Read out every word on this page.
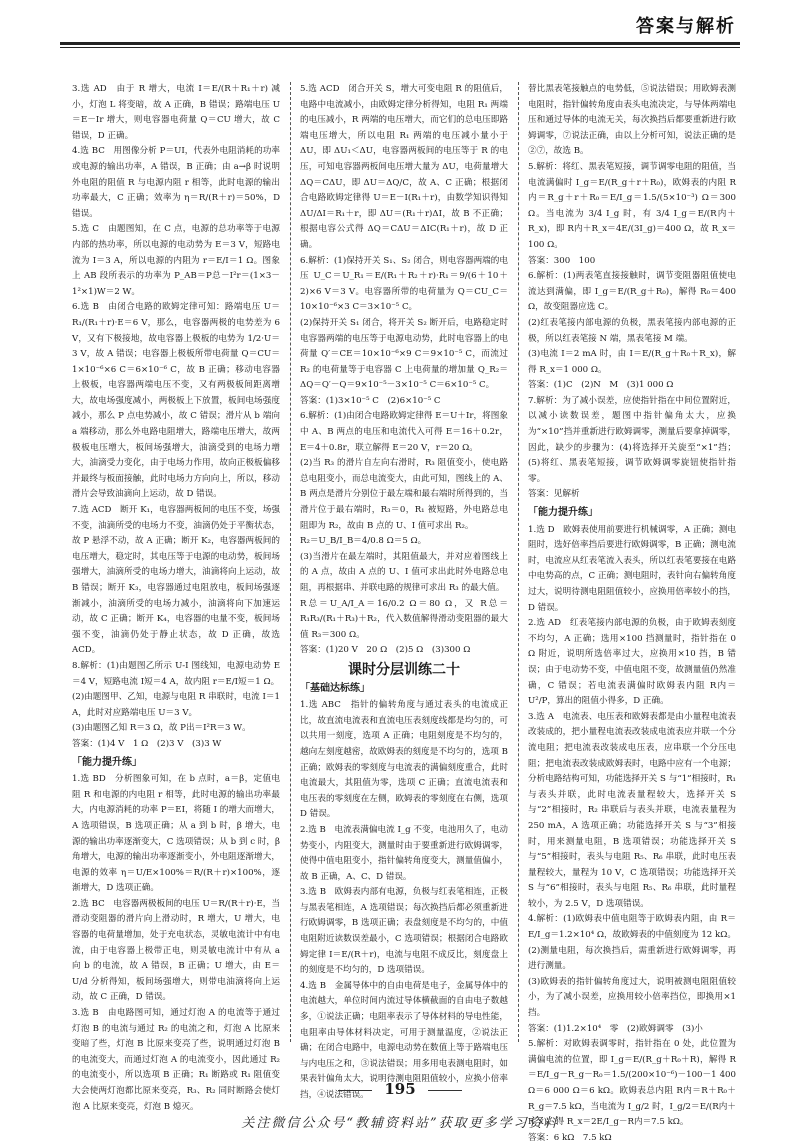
答案与解析
3.选 AD　由于 R 增大，电流 I＝E/(R＋R₁＋r) 减小，灯泡 L 将变暗，故 A 正确，B 错误；路端电压 U＝E－Ir 增大，则电容器电荷量 Q＝CU 增大，故 C 错误，D 正确。
4.选 BC　用图像分析 P＝UI，代表外电阻消耗的功率或电源的输出功率，A 错误，B 正确；由 a→β 时说明外电阻的阻值 R 与电源内阻 r 相等，此时电源的输出功率最大，C 正确；效率为 η＝R/(R＋r)＝50%，D 错误。
5.选 C　由题图知，在 C 点，电源的总功率等于电源内部的热功率，所以电源的电动势为 E＝3 V，短路电流为 I＝3 A，所以电源的内阻为 r＝E/I＝1 Ω。图象上 AB 段所表示的功率为 P_AB＝P总－I²r＝(1×3－1²×1)W＝2 W。
6.选 B　由闭合电路的欧姆定律可知：路端电压 U＝R₁/(R₁＋r)·E＝6 V，那么，电容器两极的电势差为 6 V，又有下极接地，故电容器上极板的电势为 1/2·U＝3 V，故 A 错误；电容器上极板所带电荷量 Q＝CU＝1×10⁻⁶×6 C＝6×10⁻⁶ C，故 B 正确；移动电容器上极板，电容器两端电压不变，又有两极板间距离增大，故电场强度减小，两极板上下放置，板间电场强度减小，那么 P 点电势减小，故 C 错误；滑片从 b 端向 a 端移动，那么外电路电阻增大，路端电压增大，故两极板电压增大，板间场强增大，油滴受到的电场力增大，油滴受力变化，由于电场力作用，故向正极板偏移并最终与板面接触，此时电场力方向向上，所以，移动滑片会导致油滴向上运动，故 D 错误。
7.选 ACD　断开 K₁，电容器两板间的电压不变，场强不变，油滴所受的电场力不变，油滴仍处于平衡状态，故 P 悬浮不动，故 A 正确；断开 K₂，电容器两板间的电压增大，稳定时，其电压等于电源的电动势，板间场强增大，油滴所受的电场力增大，油滴将向上运动，故 B 错误；断开 K₃，电容器通过电阻放电，板间场强逐渐减小，油滴所受的电场力减小，油滴将向下加速运动，故 C 正确；断开 K₄，电容器的电量不变，板间场强不变，油滴仍处于静止状态，故 D 正确，故选 ACD。
8.解析：(1)由题图乙所示 U-I 图线知，电源电动势 E＝4 V，短路电流 I短＝4 A，故内阻 r＝E/I短＝1 Ω。
(2)由题图甲、乙知，电源与电阻 R 串联时，电流 I＝1 A，此时对应路端电压 U＝3 V。
(3)由题图乙知 R＝3 Ω，故 P出＝I²R＝3 W。
答案：(1)4 V　1 Ω　(2)3 V　(3)3 W
「能力提升练」
1.选 BD　分析图象可知，在 b 点时，a＝β，定值电阻 R 和电源的内电阻 r 相等，此时电源的输出功率最大，内电源消耗的功率 P＝EI，将随 I 的增大而增大，A 选项错误，B 选项正确；从 a 到 b 时，β 增大，电源的输出功率逐渐变大，C 选项错误；从 b 到 c 时，β 角增大，电源的输出功率逐渐变小，外电阻逐渐增大，电源的效率 η＝U/E×100%＝R/(R＋r)×100%，逐渐增大，D 选项正确。
2.选 BC　电容器两极板间的电压 U＝R/(R＋r)·E，当滑动变阻器的滑片向上滑动时，R 增大，U 增大，电容器的电荷量增加，处于充电状态，灵敏电流计中有电流，由于电容器上极带正电，则灵敏电流计中有从 a 向 b 的电流，故 A 错误，B 正确；U 增大，由 E＝U/d 分析得知，板间场强增大，则带电油滴将向上运动，故 C 正确，D 错误。
3.选 B　由电路图可知，通过灯泡 A 的电流等于通过灯泡 B 的电流与通过 R₂ 的电流之和，灯泡 A 比原来变暗了些，灯泡 B 比原来变亮了些，说明通过灯泡 B 的电流变大，而通过灯泡 A 的电流变小，因此通过 R₂ 的电流变小，所以选项 B 正确；R₁ 断路或 R₁ 阻值变大会使两灯泡都比原来变亮，R₃、R₂ 同时断路会使灯泡 A 比原来变亮，灯泡 B 熄灭。
5.选 ACD　闭合开关 S，增大可变电阻 R 的阻值后，电路中电流减小，由欧姆定律分析得知，电阻 R₁ 两端的电压减小，R 两端的电压增大，而它们的总电压即路端电压增大，所以电阻 R₁ 两端的电压减小量小于 ΔU，即 ΔU₁＜ΔU，电容器两板间的电压等于 R 的电压，可知电容器两板间电压增大量为 ΔU，电荷量增大 ΔQ＝CΔU，即 ΔU＝ΔQ/C，故 A、C 正确；根据闭合电路欧姆定律得 U＝E－I(R₁＋r)，由数学知识得知 ΔU/ΔI＝R₁＋r，即 ΔU＝(R₁＋r)ΔI，故 B 不正确；根据电容公式得 ΔQ＝CΔU＝ΔIC(R₁＋r)，故 D 正确。
6.解析：(1)保持开关 S₁、S₂ 闭合，则电容器两端的电压 U_C＝U_R₁＝E/(R₁＋R₂＋r)·R₁＝9/(6＋10＋2)×6 V＝3 V。电容器所带的电荷量为 Q＝CU_C＝10×10⁻⁶×3 C＝3×10⁻⁵ C。
(2)保持开关 S₁ 闭合，将开关 S₂ 断开后，电路稳定时电容器两端的电压等于电源电动势，此时电容器上的电荷量 Q′＝CE＝10×10⁻⁶×9 C＝9×10⁻⁵ C，而流过 R₂ 的电荷量等于电容器 C 上电荷量的增加量 Q_R₂＝ΔQ＝Q′－Q＝9×10⁻⁵－3×10⁻⁵ C＝6×10⁻⁵ C。
答案：(1)3×10⁻⁵ C　(2)6×10⁻⁵ C
6.解析：(1)由闭合电路欧姆定律得 E＝U＋Ir，将图象中 A、B 两点的电压和电流代入可得 E＝16＋0.2r，E＝4＋0.8r，联立解得 E＝20 V，r＝20 Ω。
(2)当 R₃ 的滑片自左向右滑时，R₃ 阻值变小，使电路总电阻变小，而总电流变大，由此可知，图线上的 A、B 两点是滑片分别位于最左端和最右端时所得到的，当滑片位于最右端时，R₃＝0，R₁ 被短路，外电路总电阻即为 R₂，故由 B 点的 U、I 值可求出 R₂。
R₂＝U_B/I_B＝4/0.8 Ω＝5 Ω。
(3)当滑片在最左端时，其阻值最大，并对应着图线上的 A 点，故由 A 点的 U、I 值可求出此时外电路总电阻，再根据串、并联电路的规律可求出 R₃ 的最大值。
R总＝U_A/I_A＝16/0.2 Ω＝80 Ω，又 R总＝R₁R₃/(R₁＋R₃)＋R₂，代入数值解得滑动变阻器的最大值 R₃＝300 Ω。
答案：(1)20 V　20 Ω　(2)5 Ω　(3)300 Ω
课时分层训练二十
「基础达标练」
1.选 ABC　指针的偏转角度与通过表头的电流成正比，故直流电流表和直流电压表刻度线都是均匀的，可以共用一刻度，选项 A 正确；电阻刻度是不均匀的，越向左刻度越密，故欧姆表的刻度是不均匀的，选项 B 正确；欧姆表的零刻度与电流表的满偏刻度重合，此时电流最大，其阻值为零，选项 C 正确；直流电流表和电压表的零刻度在左侧，欧姆表的零刻度在右侧，选项 D 错误。
2.选 B　电流表满偏电流 I_g 不变，电池用久了，电动势变小，内阻变大，测量时由于要重新进行欧姆调零，使得中值电阻变小，指针偏转角度变大，测量值偏小，故 B 正确，A、C、D 错误。
3.选 B　欧姆表内部有电源，负极与红表笔相连，正极与黑表笔相连，A 选项错误；每次换挡后都必须重新进行欧姆调零，B 选项正确；表盘刻度是不均匀的，中值电阻附近读数误差最小，C 选项错误；根据闭合电路欧姆定律 I＝E/(R＋r)，电流与电阻不成反比，刻度盘上的刻度是不均匀的，D 选项错误。
4.选 B　金属导体中的自由电荷是电子，金属导体中的电流越大，单位时间内流过导体横截面的自由电子数越多，①说法正确；电阻率表示了导体材料的导电性能，电阻率由导体材料决定，可用于测量温度，②说法正确；在闭合电路中，电源电动势在数值上等于路端电压与内电压之和，③说法错误；用多用电表测电阻时，如果表针偏角太大，说明待测电阻阻值较小，应换小倍率挡，④说法错误。
替比黑表笔接触点的电势低，⑤说法错误；用欧姆表测电阻时，指针偏转角度由表头电流决定，与导体两端电压和通过导体的电流无关，每次换挡后都要重新进行欧姆调零，⑦说法正确，由以上分析可知，说法正确的是②⑦，故选 B。
5.解析：将红、黑表笔短接，调节调零电阻的阻值，当电流满偏时 I_g＝E/(R_g＋r＋R₀)，欧姆表的内阻 R内＝R_g＋r＋R₀＝E/I_g＝1.5/(5×10⁻³) Ω＝300 Ω。当电流为 3/4 I_g 时，有 3/4 I_g＝E/(R内＋R_x)，即 R内＋R_x＝4E/(3I_g)＝400 Ω，故 R_x＝100 Ω。
答案：300　100
6.解析：(1)两表笔直接接触时，调节变阻器阻值使电流达到满偏，即 I_g＝E/(R_g＋R₀)，解得 R₀＝400 Ω，故变阻器应选 C。
(2)红表笔接内部电源的负极，黑表笔接内部电源的正极，所以红表笔接 N 端，黑表笔接 M 端。
(3)电流 I＝2 mA 时，由 I＝E/(R_g＋R₀＋R_x)，解得 R_x＝1 000 Ω。
答案：(1)C　(2)N　M　(3)1 000 Ω
7.解析：为了减小误差，应使指针指在中间位置附近，以减小读数误差，题图中指针偏角太大，应换为“×10”挡并重新进行欧姆调零，测量后要拿掉调零，因此，缺少的步骤为：(4)将选择开关旋至“×1”挡；(5)将红、黑表笔短接，调节欧姆调零旋钮使指针指零。
答案：见解析
「能力提升练」
1.选 D　欧姆表使用前要进行机械调零，A 正确；测电阻时，选好倍率挡后要进行欧姆调零，B 正确；测电流时，电流应从红表笔流入表头，所以红表笔要接在电路中电势高的点，C 正确；测电阻时，表针向右偏转角度过大，说明待测电阻阻值较小，应换用倍率较小的挡，D 错误。
2.选 AD　红表笔接内部电源的负极，由于欧姆表刻度不均匀，A 正确；选用×100 挡测量时，指针指在 0 Ω 附近，说明所选倍率过大，应换用×10 挡，B 错误；由于电动势不变，中值电阻不变，故测量值仍然准确，C 错误；若电流表满偏时欧姆表内阻 R内＝U²/P，算出的阻值小得多，D 正确。
3.选 A　电流表、电压表和欧姆表都是由小量程电流表改装成的，把小量程电流表改装成电流表应并联一个分流电阻；把电流表改装成电压表，应串联一个分压电阻；把电流表改装成欧姆表时，电路中应有一个电源；分析电路结构可知，功能选择开关 S 与“1”相接时，R₁ 与表头并联，此时电流表量程较大，选择开关 S 与“2”相接时，R₂ 串联后与表头并联，电流表量程为 250 mA，A 选项正确；功能选择开关 S 与“3”相接时，用来测量电阻，B 选项错误；功能选择开关 S 与“5”相接时，表头与电阻 R₅、R₆ 串联，此时电压表量程较大，量程为 10 V，C 选项错误；功能选择开关 S 与“6”相接时，表头与电阻 R₅、R₆ 串联，此时量程较小，为 2.5 V，D 选项错误。
4.解析：(1)欧姆表中值电阻等于欧姆表内阻，由 R＝E/I_g＝1.2×10⁴ Ω，故欧姆表的中值刻度为 12 kΩ。
(2)测量电阻，每次换挡后，需重新进行欧姆调零，再进行测量。
(3)欧姆表的指针偏转角度过大，说明被测电阻阻值较小，为了减小误差，应换用较小倍率挡位，即换用×1 挡。
答案：(1)1.2×10⁴　零　(2)欧姆调零　(3)小
5.解析：对欧姆表调零时，指针指在 0 处，此位置为满偏电流的位置，即 I_g＝E/(R_g＋R₀＋R)，解得 R＝E/I_g－R_g－R₀＝1.5/(200×10⁻⁶)－100－1 400 Ω＝6 000 Ω＝6 kΩ。欧姆表总内阻 R内＝R＋R₀＋R_g＝7.5 kΩ，当电流为 I_g/2 时，I_g/2＝E/(R内＋R_x)，得 R_x＝2E/I_g－R内＝7.5 kΩ。
答案：6 kΩ　7.5 kΩ
195
关注微信公众号“教辅资料站”获取更多学习资料
